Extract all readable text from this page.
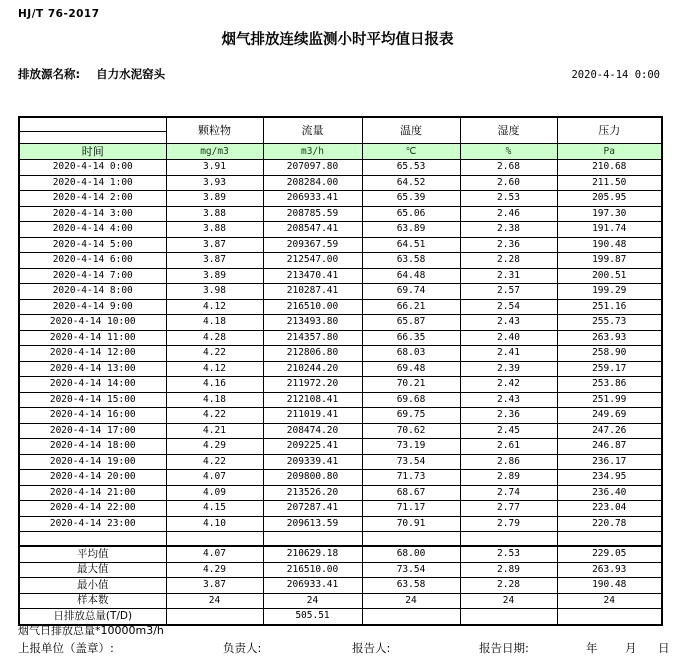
HJ/T 76-2017
烟气排放连续监测小时平均值日报表
排放源名称: 自力水泥窑头	2020-4-14 0:00
	颗粒物	流量	温度	湿度	压力

时间	mg/m3	m3/h	℃	%	Pa
2020-4-14 0:00	3.91	207097.80	65.53	2.68	210.68
2020-4-14 1:00	3.93	208284.00	64.52	2.60	211.50
2020-4-14 2:00	3.89	206933.41	65.39	2.53	205.95
2020-4-14 3:00	3.88	208785.59	65.06	2.46	197.30
2020-4-14 4:00	3.88	208547.41	63.89	2.38	191.74
2020-4-14 5:00	3.87	209367.59	64.51	2.36	190.48
2020-4-14 6:00	3.87	212547.00	63.58	2.28	199.87
2020-4-14 7:00	3.89	213470.41	64.48	2.31	200.51
2020-4-14 8:00	3.98	210287.41	69.74	2.57	199.29
2020-4-14 9:00	4.12	216510.00	66.21	2.54	251.16
2020-4-14 10:00	4.18	213493.80	65.87	2.43	255.73
2020-4-14 11:00	4.28	214357.80	66.35	2.40	263.93
2020-4-14 12:00	4.22	212806.80	68.03	2.41	258.90
2020-4-14 13:00	4.12	210244.20	69.48	2.39	259.17
2020-4-14 14:00	4.16	211972.20	70.21	2.42	253.86
2020-4-14 15:00	4.18	212108.41	69.68	2.43	251.99
2020-4-14 16:00	4.22	211019.41	69.75	2.36	249.69
2020-4-14 17:00	4.21	208474.20	70.62	2.45	247.26
2020-4-14 18:00	4.29	209225.41	73.19	2.61	246.87
2020-4-14 19:00	4.22	209339.41	73.54	2.86	236.17
2020-4-14 20:00	4.07	209800.80	71.73	2.89	234.95
2020-4-14 21:00	4.09	213526.20	68.67	2.74	236.40
2020-4-14 22:00	4.15	207287.41	71.17	2.77	223.04
2020-4-14 23:00	4.10	209613.59	70.91	2.79	220.78

平均值	4.07	210629.18	68.00	2.53	229.05
最大值	4.29	216510.00	73.54	2.89	263.93
最小值	3.87	206933.41	63.58	2.28	190.48
样本数	24	24	24	24	24
日排放总量(T/D)		505.51			
烟气日排放总量*10000m3/h
上报单位（盖章）:	负责人:	报告人:	报告日期:	年 月 日
